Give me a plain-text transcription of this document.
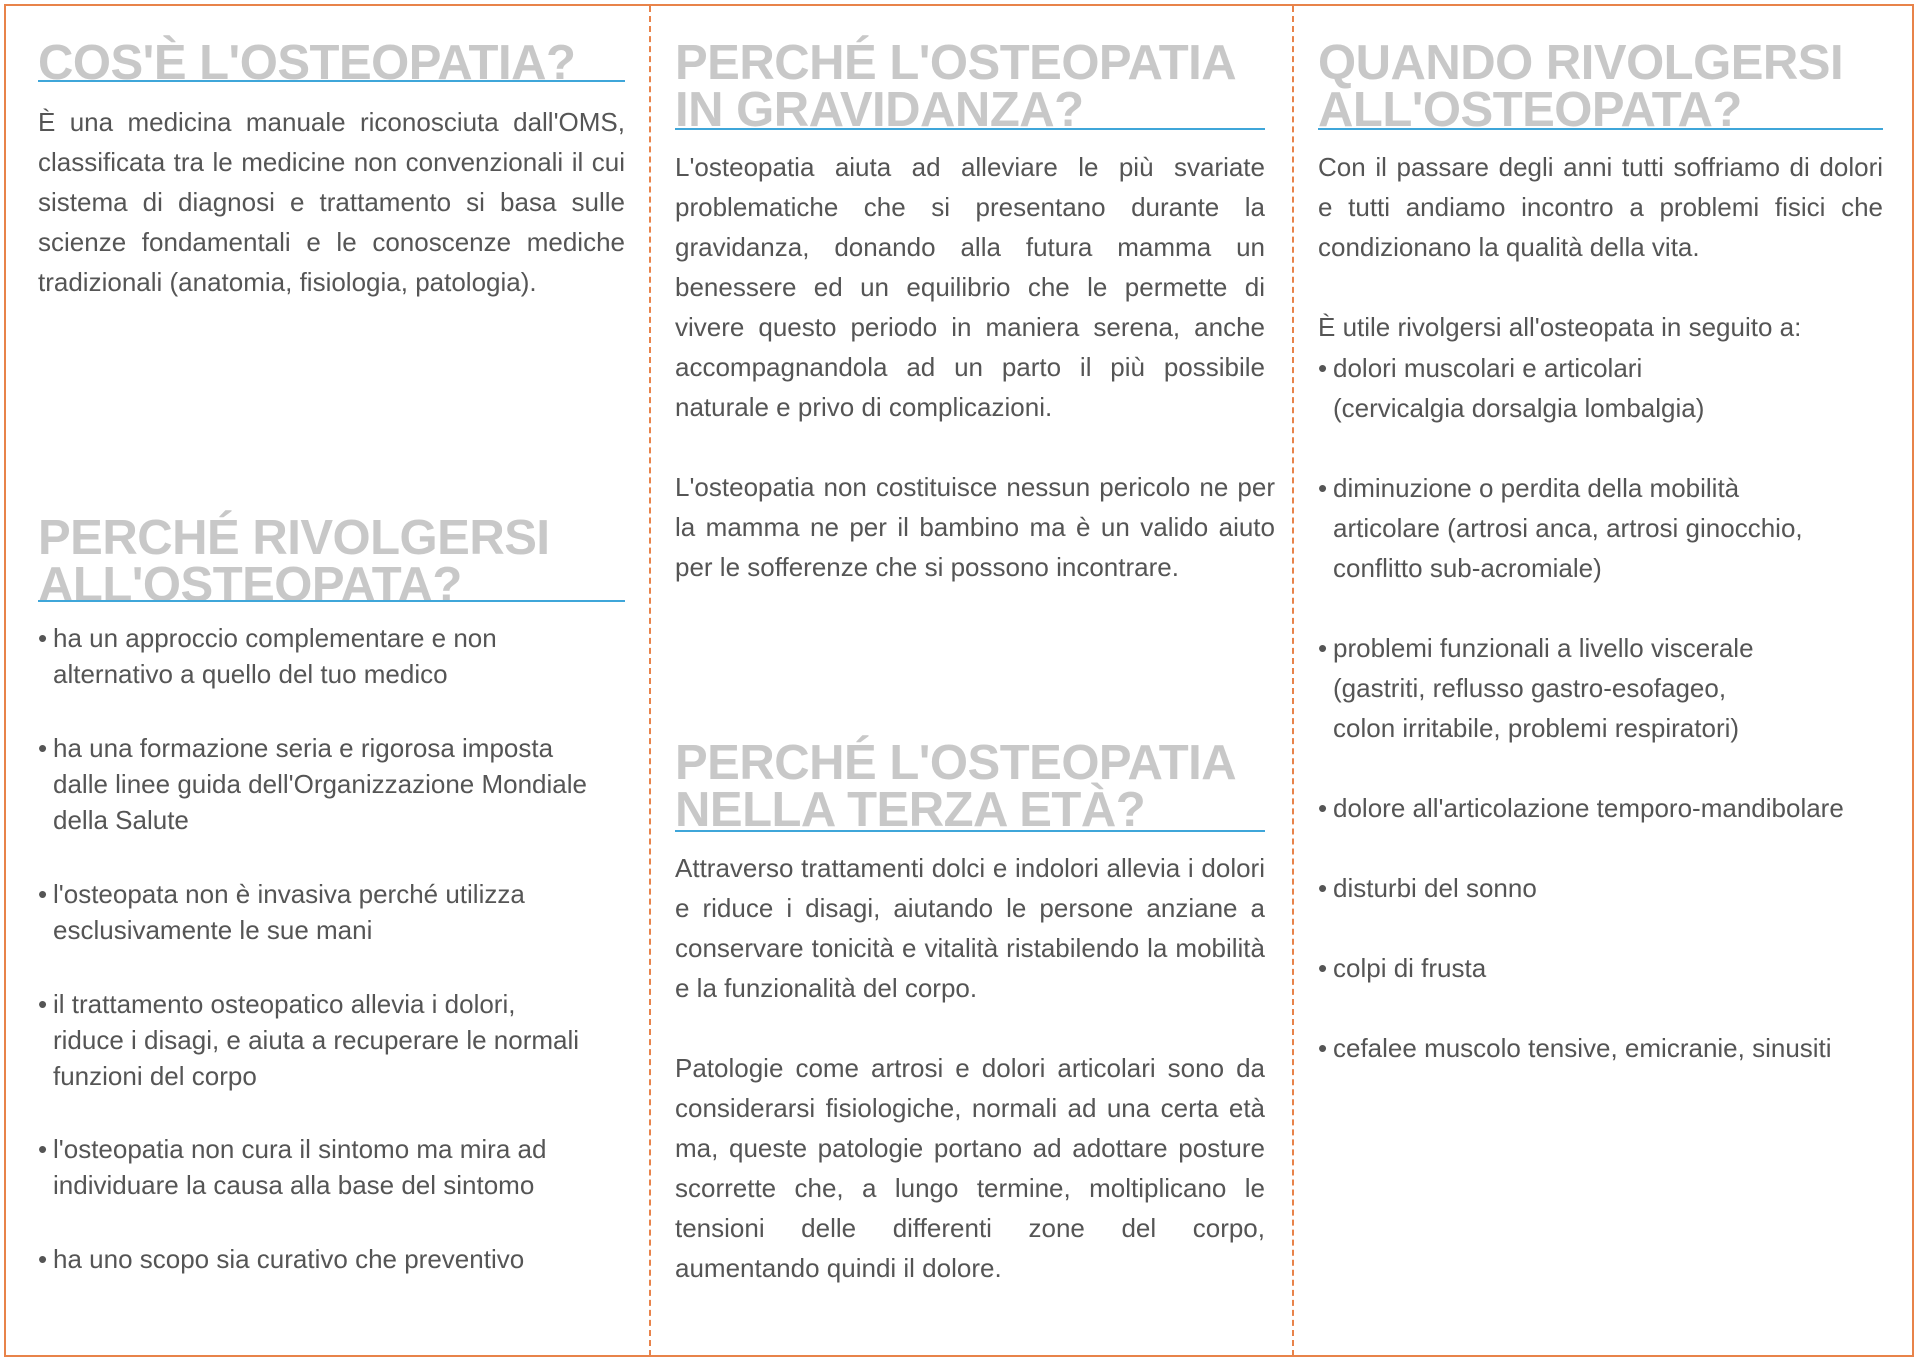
COS'È L'OSTEOPATIA?

È una medicina manuale riconosciuta dall'OMS, classificata tra le medicine non convenzionali il cui sistema di diagnosi e trattamento si basa sulle scienze fondamentali e le conoscenze mediche tradizionali (anatomia, fisiologia, patologia).

PERCHÉ RIVOLGERSI
ALL'OSTEOPATA?
• ha un approccio complementare e non
alternativo a quello del tuo medico
• ha una formazione seria e rigorosa imposta
dalle linee guida dell'Organizzazione Mondiale
della Salute
• l'osteopata non è invasiva perché utilizza
esclusivamente le sue mani
• il trattamento osteopatico allevia i dolori,
riduce i disagi, e aiuta a recuperare le normali
funzioni del corpo
• l'osteopatia non cura il sintomo ma mira ad
individuare la causa alla base del sintomo
• ha uno scopo sia curativo che preventivo
PERCHÉ L'OSTEOPATIA
IN GRAVIDANZA?

L'osteopatia aiuta ad alleviare le più svariate problematiche che si presentano durante la gravidanza, donando alla futura mamma un benessere ed un equilibrio che le permette di vivere questo periodo in maniera serena, anche accompagnandola ad un parto il più possibile naturale e privo di complicazioni.

L'osteopatia non costituisce nessun pericolo ne per la mamma ne per il bambino ma è un valido aiuto per le sofferenze che si possono incontrare.

PERCHÉ L'OSTEOPATIA
NELLA TERZA ETÀ?

Attraverso trattamenti dolci e indolori allevia i dolori e riduce i disagi, aiutando le persone anziane a conservare tonicità e vitalità ristabilendo la mobilità e la funzionalità del corpo.

Patologie come artrosi e dolori articolari sono da considerarsi fisiologiche, normali ad una certa età ma, queste patologie portano ad adottare posture scorrette che, a lungo termine, moltiplicano le tensioni delle differenti zone del corpo, aumentando quindi il dolore.

QUANDO RIVOLGERSI
ALL'OSTEOPATA?

Con il passare degli anni tutti soffriamo di dolori e tutti andiamo incontro a problemi fisici che condizionano la qualità della vita.

È utile rivolgersi all'osteopata in seguito a:

• dolori muscolari e articolari
(cervicalgia dorsalgia lombalgia)
• diminuzione o perdita della mobilità
articolare (artrosi anca, artrosi ginocchio,
conflitto sub-acromiale)
• problemi funzionali a livello viscerale
(gastriti, reflusso gastro-esofageo,
colon irritabile, problemi respiratori)
• dolore all'articolazione temporo-mandibolare
• disturbi del sonno
• colpi di frusta
• cefalee muscolo tensive, emicranie, sinusiti
